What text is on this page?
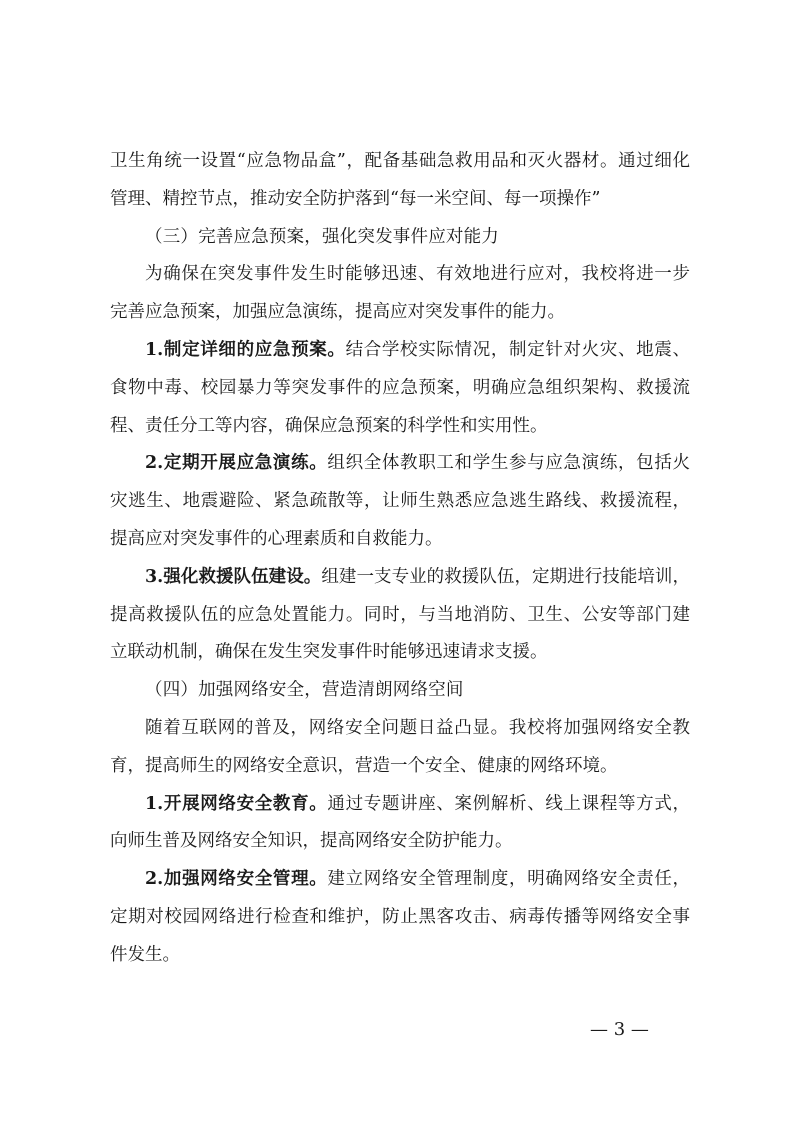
卫生角统一设置“应急物品盒”，配备基础急救用品和灭火器材。通过细化
管理、精控节点，推动安全防护落到“每一米空间、每一项操作”
（三）完善应急预案，强化突发事件应对能力
为确保在突发事件发生时能够迅速、有效地进行应对，我校将进一步
完善应急预案，加强应急演练，提高应对突发事件的能力。
1.制定详细的应急预案。结合学校实际情况，制定针对火灾、地震、
食物中毒、校园暴力等突发事件的应急预案，明确应急组织架构、救援流
程、责任分工等内容，确保应急预案的科学性和实用性。
2.定期开展应急演练。组织全体教职工和学生参与应急演练，包括火
灾逃生、地震避险、紧急疏散等，让师生熟悉应急逃生路线、救援流程，
提高应对突发事件的心理素质和自救能力。
3.强化救援队伍建设。组建一支专业的救援队伍，定期进行技能培训，
提高救援队伍的应急处置能力。同时，与当地消防、卫生、公安等部门建
立联动机制，确保在发生突发事件时能够迅速请求支援。
（四）加强网络安全，营造清朗网络空间
随着互联网的普及，网络安全问题日益凸显。我校将加强网络安全教
育，提高师生的网络安全意识，营造一个安全、健康的网络环境。
1.开展网络安全教育。通过专题讲座、案例解析、线上课程等方式，
向师生普及网络安全知识，提高网络安全防护能力。
2.加强网络安全管理。建立网络安全管理制度，明确网络安全责任，
定期对校园网络进行检查和维护，防止黑客攻击、病毒传播等网络安全事
件发生。
— 3 —
